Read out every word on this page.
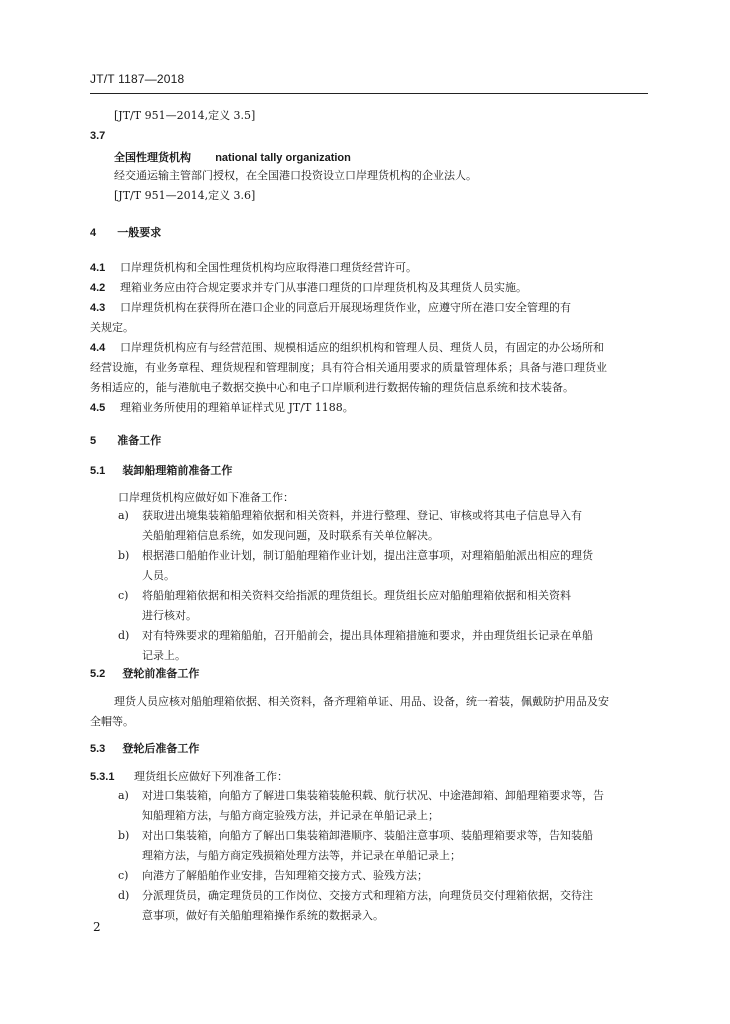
JT/T 1187—2018
[JT/T 951—2014,定义 3.5]
3.7
全国性理货机构 national tally organization
经交通运输主管部门授权，在全国港口投资设立口岸理货机构的企业法人。
[JT/T 951—2014,定义 3.6]
4 一般要求
4.1 口岸理货机构和全国性理货机构均应取得港口理货经营许可。
4.2 理箱业务应由符合规定要求并专门从事港口理货的口岸理货机构及其理货人员实施。
4.3 口岸理货机构在获得所在港口企业的同意后开展现场理货作业，应遵守所在港口安全管理的有
关规定。
4.4 口岸理货机构应有与经营范围、规模相适应的组织机构和管理人员、理货人员，有固定的办公场所和
经营设施，有业务章程、理货规程和管理制度；具有符合相关通用要求的质量管理体系；具备与港口理货业
务相适应的，能与港航电子数据交换中心和电子口岸顺利进行数据传输的理货信息系统和技术装备。
4.5 理箱业务所使用的理箱单证样式见 JT/T 1188。
5 准备工作
5.1 装卸船理箱前准备工作
口岸理货机构应做好如下准备工作：
a) 获取进出境集装箱船理箱依据和相关资料，并进行整理、登记、审核或将其电子信息导入有
关船舶理箱信息系统，如发现问题，及时联系有关单位解决。
b) 根据港口船舶作业计划，制订船舶理箱作业计划，提出注意事项，对理箱船舶派出相应的理货
人员。
c) 将船舶理箱依据和相关资料交给指派的理货组长。理货组长应对船舶理箱依据和相关资料
进行核对。
d) 对有特殊要求的理箱船舶，召开船前会，提出具体理箱措施和要求，并由理货组长记录在单船
记录上。
5.2 登轮前准备工作
理货人员应核对船舶理箱依据、相关资料，备齐理箱单证、用品、设备，统一着装，佩戴防护用品及安
全帽等。
5.3 登轮后准备工作
5.3.1 理货组长应做好下列准备工作：
a) 对进口集装箱，向船方了解进口集装箱装舱积载、航行状况、中途港卸箱、卸船理箱要求等，告
知船理箱方法，与船方商定验残方法，并记录在单船记录上；
b) 对出口集装箱，向船方了解出口集装箱卸港顺序、装船注意事项、装船理箱要求等，告知装船
理箱方法，与船方商定残损箱处理方法等，并记录在单船记录上；
c) 向港方了解船舶作业安排，告知理箱交接方式、验残方法；
d) 分派理货员，确定理货员的工作岗位、交接方式和理箱方法，向理货员交付理箱依据，交待注
意事项，做好有关船舶理箱操作系统的数据录入。
2
